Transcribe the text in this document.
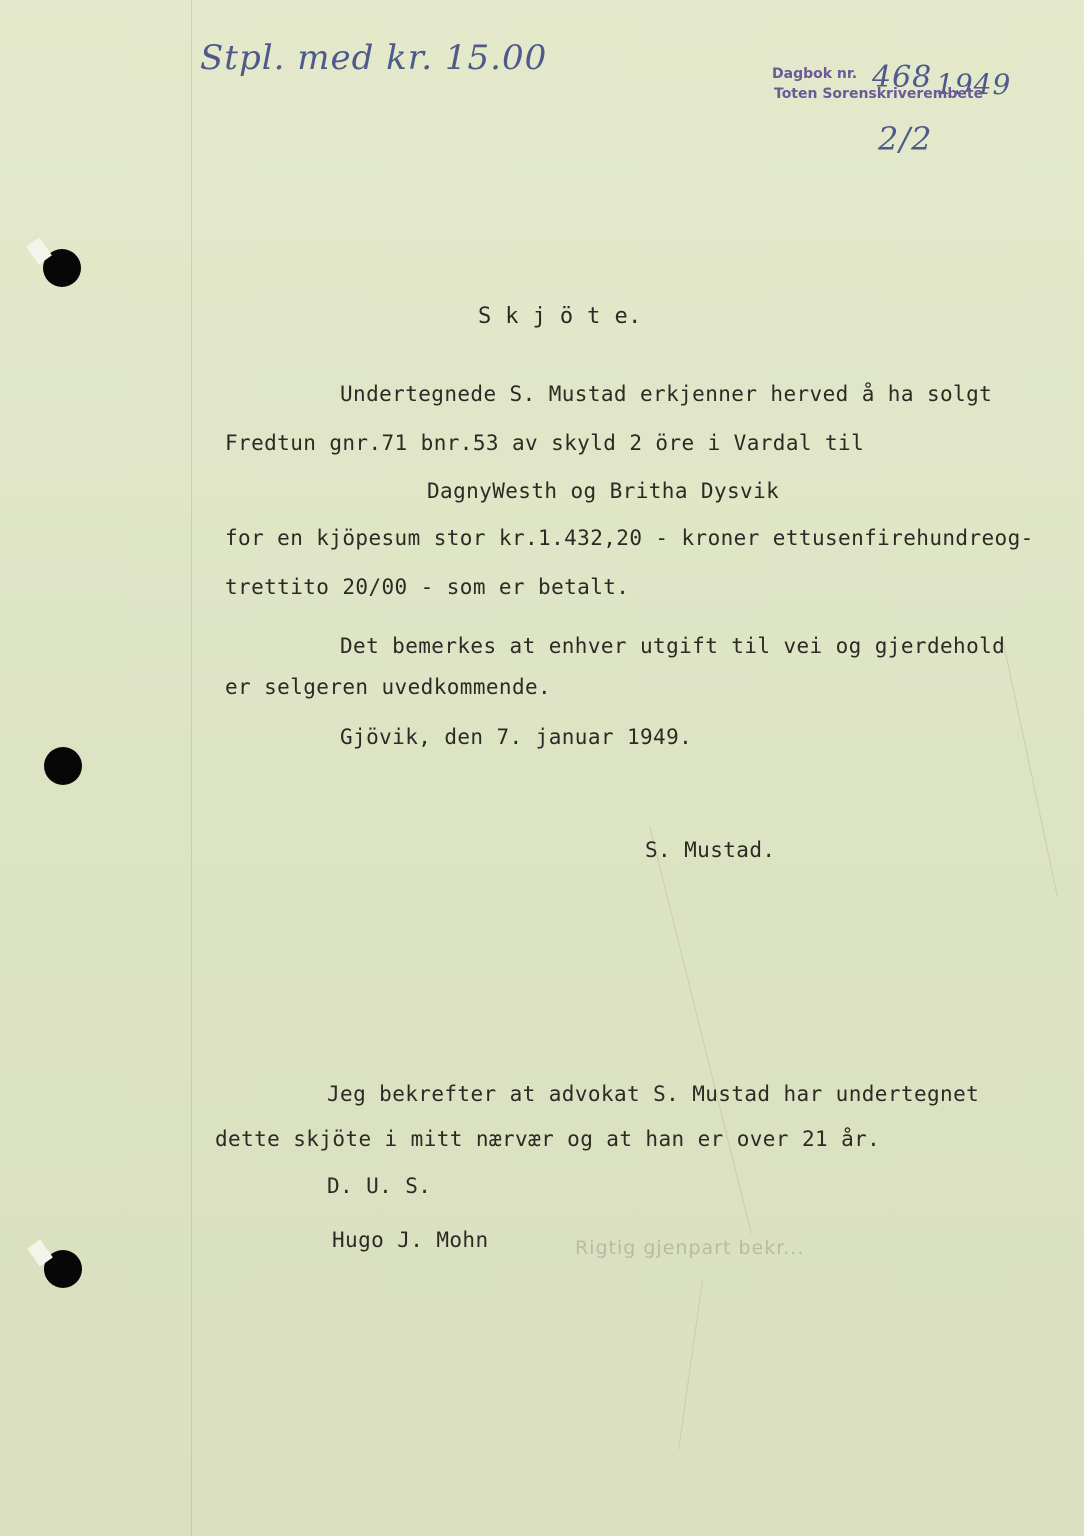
Stpl. med kr. 15.00	Dagbok nr. 468 1949
Toten Sorenskriverembete
2/2
S k j ö t e.
Undertegnede S. Mustad erkjenner herved å ha solgt
Fredtun gnr.71 bnr.53 av skyld 2 öre i Vardal til
DagnyWesth og Britha Dysvik
for en kjöpesum stor kr.1.432,20 - kroner ettusenfirehundreog-
trettito 20/00 - som er betalt.
Det bemerkes at enhver utgift til vei og gjerdehold
er selgeren uvedkommende.
Gjövik, den 7. januar 1949.
S. Mustad.
Jeg bekrefter at advokat S. Mustad har undertegnet
dette skjöte i mitt nærvær og at han er over 21 år.
D. U. S.
Hugo J. Mohn	Rigtig gjenpart bekr...
